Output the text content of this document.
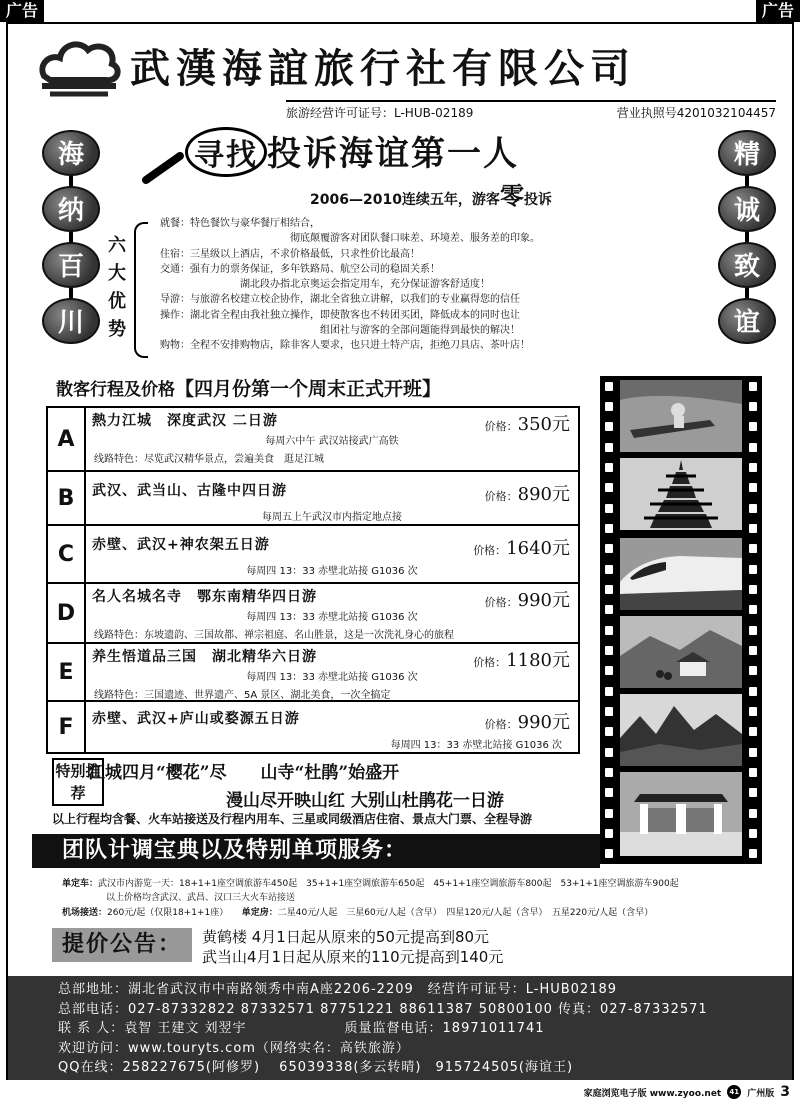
广告	广告
武漢海誼旅行社有限公司
旅游经营许可证号：L-HUB-02189	营业执照号4201032104457
海
纳
百
川
精
诚
致
谊
寻找 投诉海谊第一人
2006—2010连续五年，游客零投诉
六大优势
就餐：特色餐饮与豪华餐厅相结合，
　　　　　　　　　　　　　彻底颠覆游客对团队餐口味差、环境差、服务差的印象。
住宿：三星级以上酒店，不求价格最低，只求性价比最高！
交通：强有力的票务保证，多年铁路局、航空公司的稳固关系！
　　　　　　　　湖北段办指北京奥运会指定用车，充分保证游客舒适度！
导游：与旅游名校建立校企协作，湖北全省独立讲解，以我们的专业赢得您的信任
操作：湖北省全程由我社独立操作，即使散客也不转团买团，降低成本的同时也让
　　　　　　　　　　　　　　　　组团社与游客的全部问题能得到最快的解决！
购物：全程不安排购物店，除非客人要求，也只进土特产店，拒绝刀具店、茶叶店！
散客行程及价格【四月份第一个周末正式开班】
A
熱力江城　深度武汉 二日游	价格：350元
每周六中午 武汉站接武广高铁
线路特色：尽览武汉精华景点，尝遍美食　逛足江城
B	武汉、武当山、古隆中四日游	价格：890元
每周五上午武汉市内指定地点接
C	赤壁、武汉+神农架五日游	价格：1640元
每周四 13：33 赤壁北站接 G1036 次
D
名人名城名寺　鄂东南精华四日游	价格：990元
每周四 13：33 赤壁北站接 G1036 次
线路特色：东坡遗韵、三国故都、禅宗祖庭、名山胜景，这是一次洗礼身心的旅程
E
养生悟道品三国　湖北精华六日游	价格：1180元
每周四 13：33 赤壁北站接 G1036 次
线路特色：三国遗迹、世界遗产、5A 景区、湖北美食，一次全搞定
F	赤壁、武汉+庐山或婺源五日游	价格：990元
每周四 13：33 赤壁北站接 G1036 次
特别推荐
江城四月“樱花”尽　　山寺“杜鹃”始盛开
漫山尽开映山红 大别山杜鹃花一日游
以上行程均含餐、火车站接送及行程内用车、三星或同级酒店住宿、景点大门票、全程导游
团队计调宝典以及特别单项服务：
单定车：武汉市内游览一天：18+1+1座空调旅游车450起　35+1+1座空调旅游车650起　45+1+1座空调旅游车800起　53+1+1座空调旅游车900起
以上价格均含武汉、武昌、汉口三大火车站接送
机场接送：260元/起（仅限18+1+1座）　　 单定房：二星40元/人起　三星60元/人起（含早）　四星120元/人起（含早）　五星220元/人起（含早）
提价公告：	黄鹤楼 4月1日起从原来的50元提高到80元
武当山4月1日起从原来的110元提高到140元
总部地址：湖北省武汉市中南路领秀中南A座2206-2209　经营许可证号：L-HUB02189
总部电话：027-87332822 87332571 87751221 88611387 50800100 传真：027-87332571
联 系 人：袁智 王建文 刘翌宇　　　　　　　质量监督电话：18971011741
欢迎访问：www.touryts.com（网络实名：高铁旅游）
QQ在线：258227675(阿修罗)　 65039338(多云转晴)　915724505(海谊王)
家庭浏览电子版 www.zyoo.net	41 广州版 3
